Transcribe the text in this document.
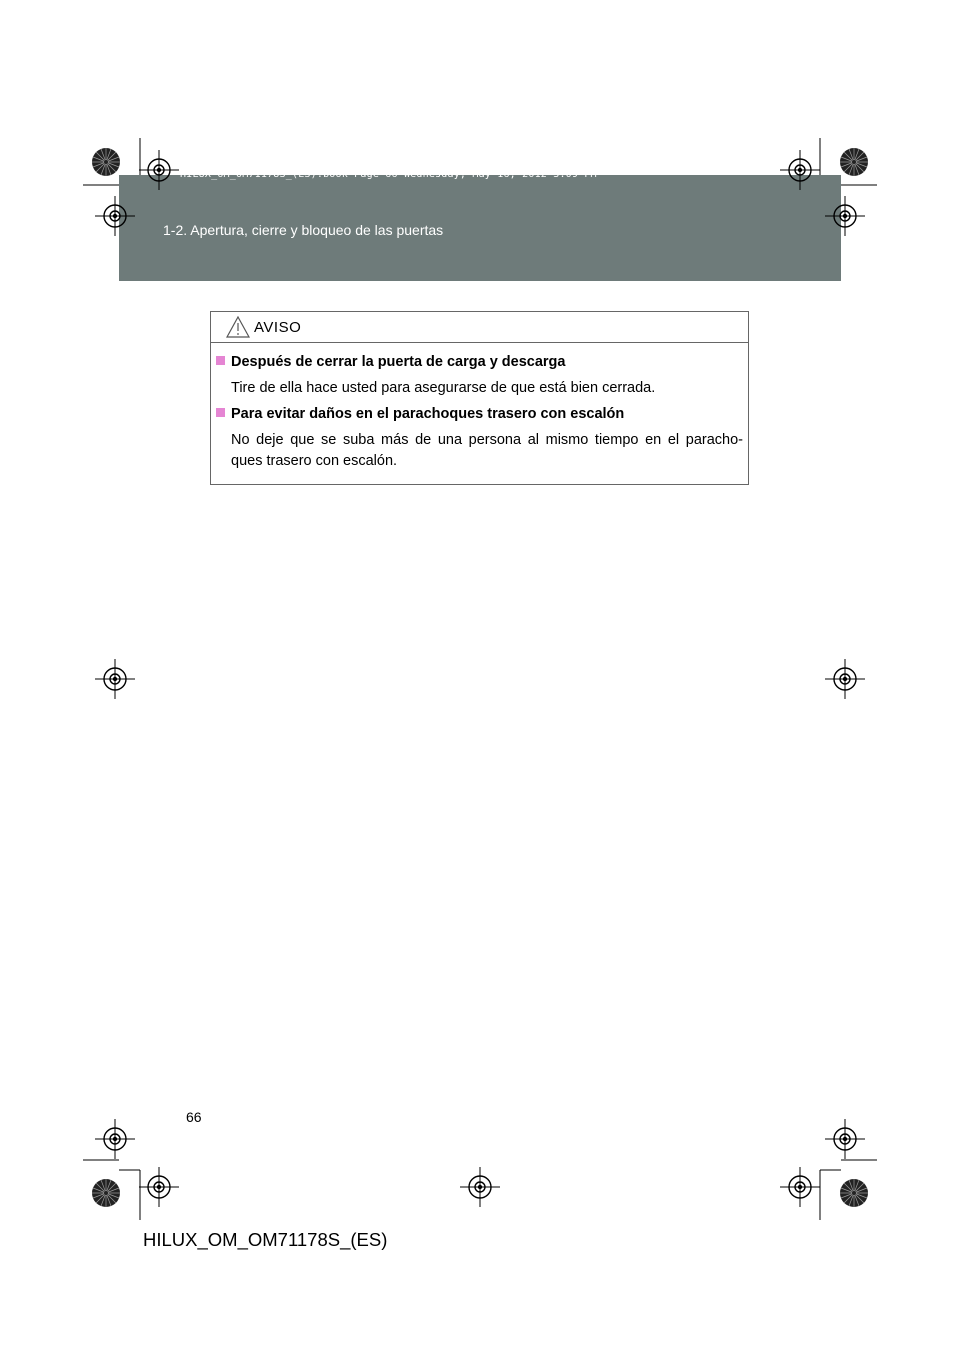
HILUX_OM_OM71178S_(ES).book Page 66 Wednesday, May 16, 2012 3:09 PM
1-2. Apertura, cierre y bloqueo de las puertas
AVISO
Después de cerrar la puerta de carga y descarga
Tire de ella hace usted para asegurarse de que está bien cerrada.
Para evitar daños en el parachoques trasero con escalón
No deje que se suba más de una persona al mismo tiempo en el paracho-
ques trasero con escalón.
66
HILUX_OM_OM71178S_(ES)
